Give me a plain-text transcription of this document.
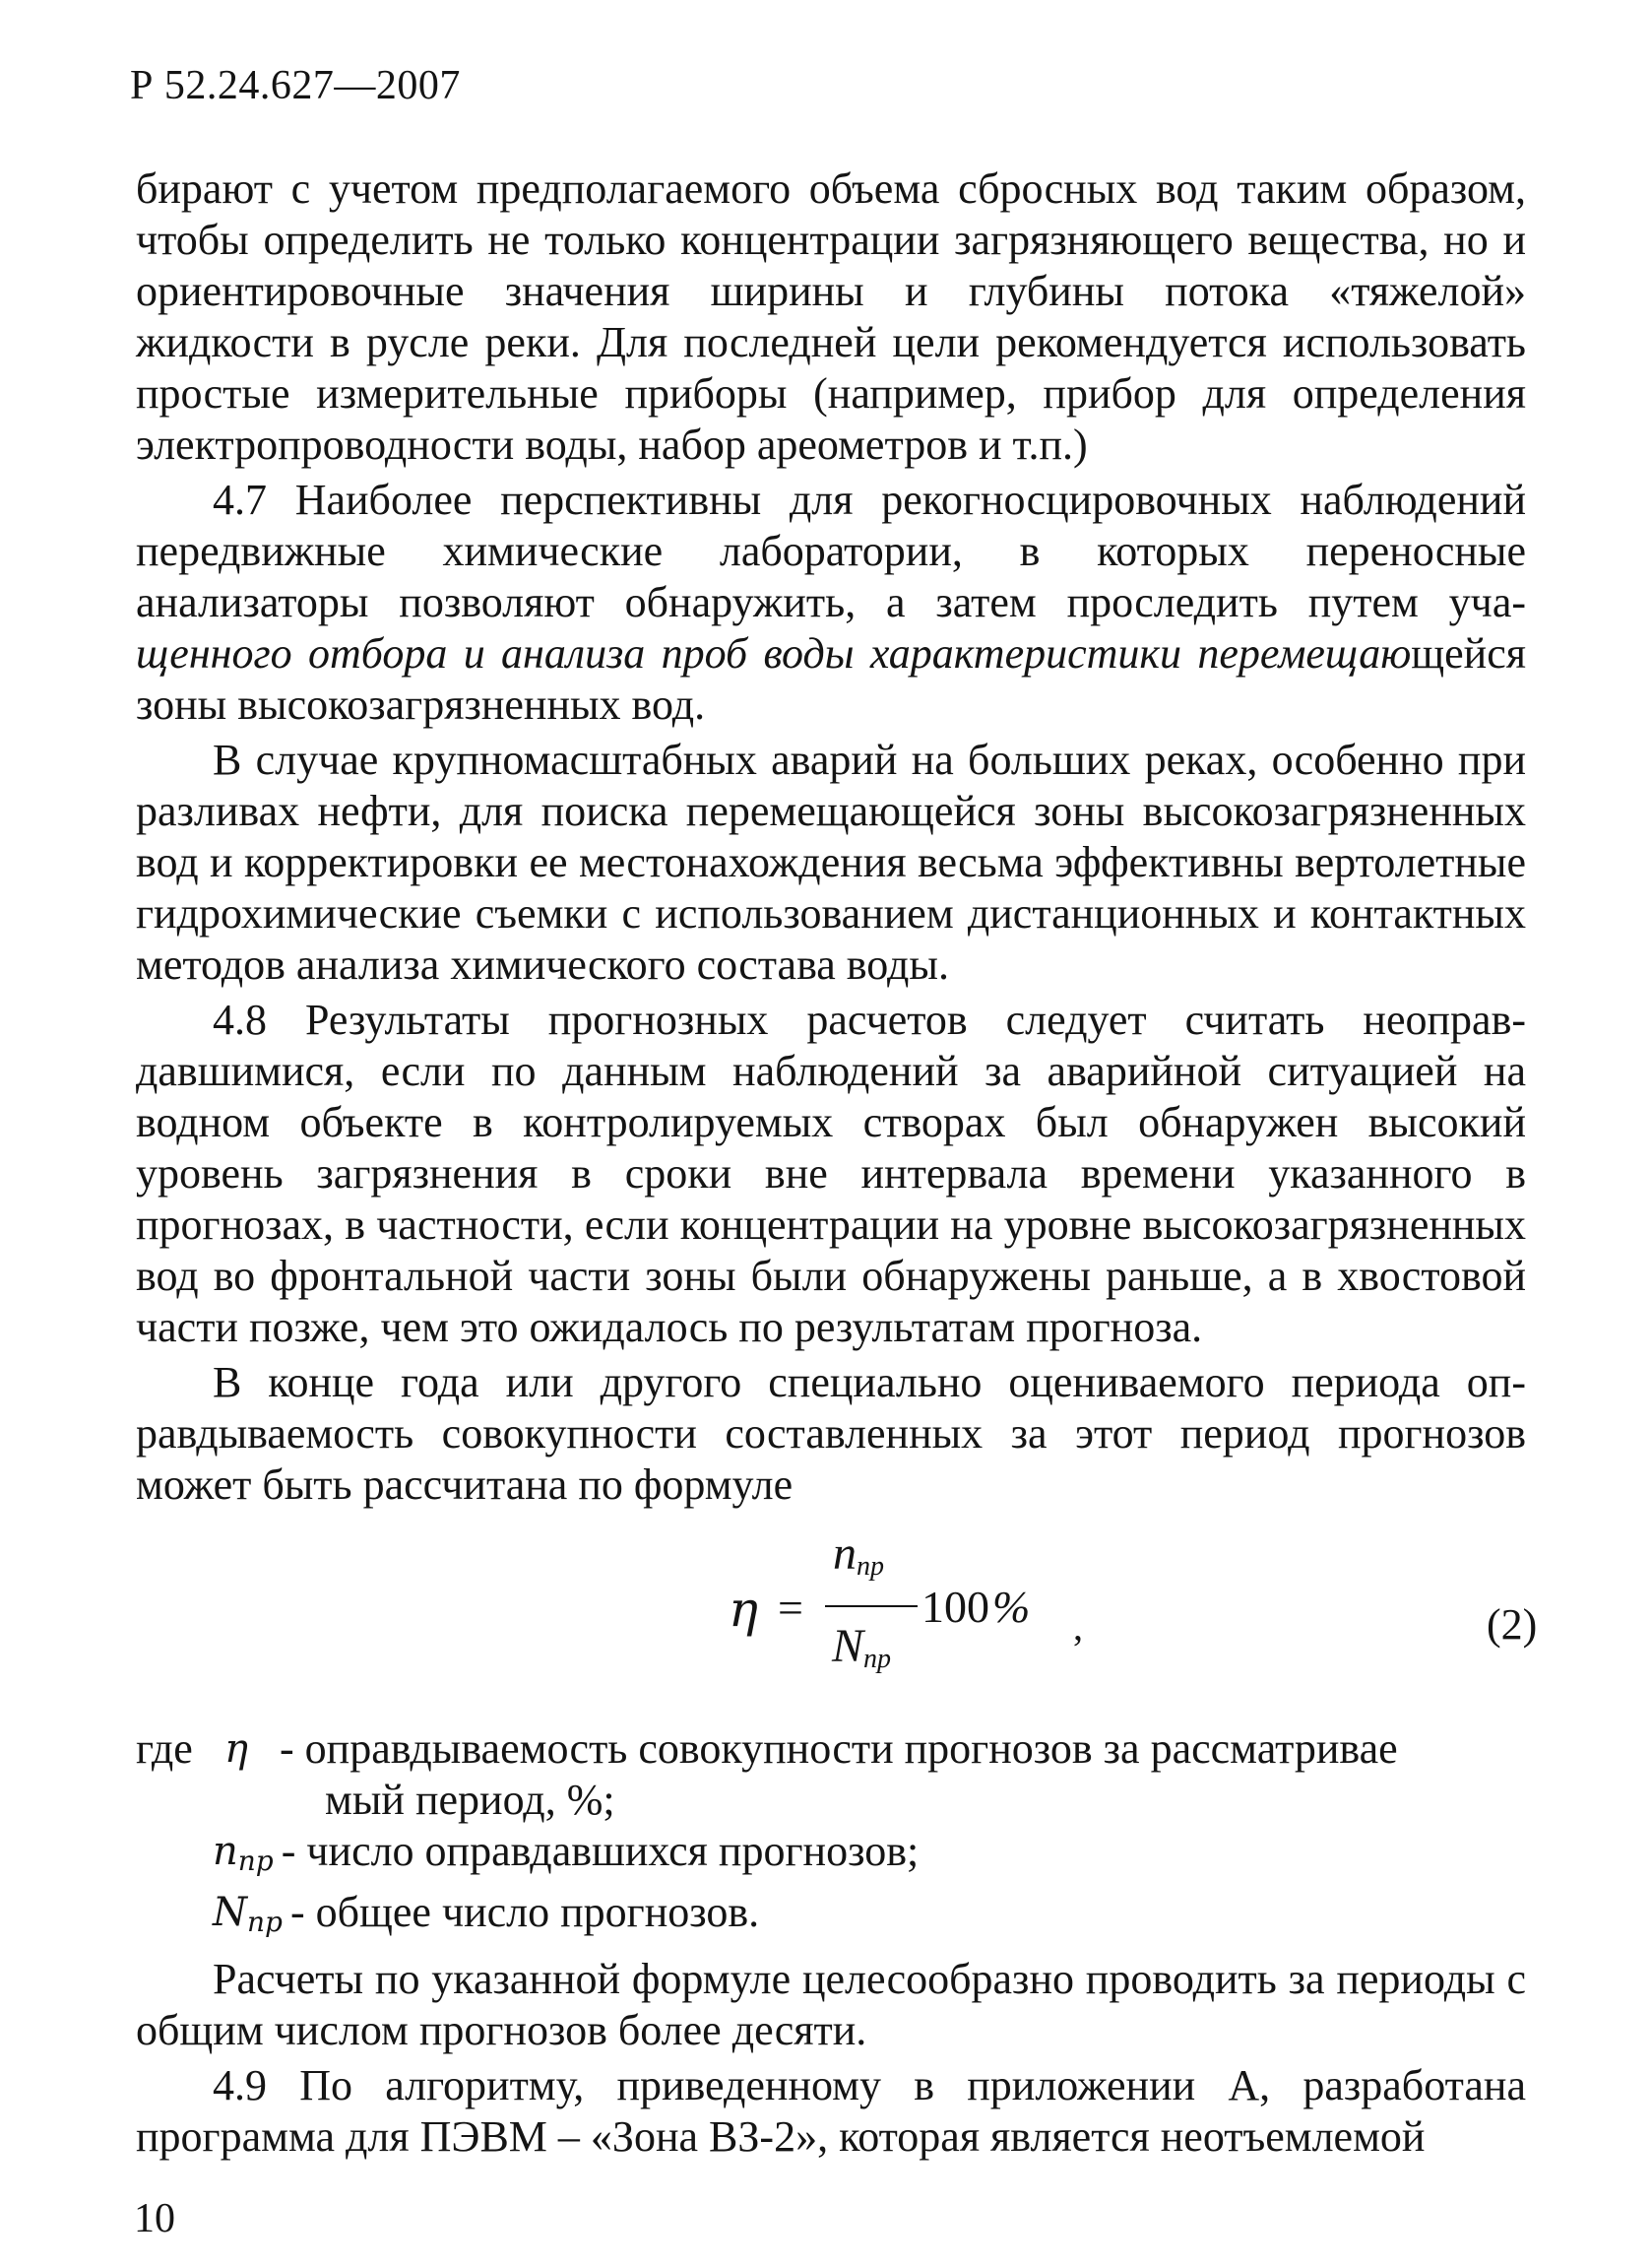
Р 52.24.627—2007

бирают с учетом предполагаемого объема сбросных вод таким образом, чтобы определить не только концентрации загрязняющего вещества, но и ориентировочные значения ширины и глубины потока «тяжелой» жидкости в русле реки. Для последней цели рекомендуется использовать простые измерительные приборы (например, прибор для определения электропроводности воды, набор ареометров и т.п.)

4.7 Наиболее перспективны для рекогносцировочных наблюдений передвижные химические лаборатории, в которых переносные анализаторы позволяют обнаружить, а затем проследить путем учащенного отбора и анализа проб воды характеристики перемещающейся зоны высокозагрязненных вод.

В случае крупномасштабных аварий на больших реках, особенно при разливах нефти, для поиска перемещающейся зоны высокозагрязненных вод и корректировки ее местонахождения весьма эффективны вертолетные гидрохимические съемки с использованием дистанционных и контактных методов анализа химического состава воды.

4.8 Результаты прогнозных расчетов следует считать неоправдавшимися, если по данным наблюдений за аварийной ситуацией на водном объекте в контролируемых створах был обнаружен высокий уровень загрязнения в сроки вне интервала времени указанного в прогнозах, в частности, если концентрации на уровне высокозагрязненных вод во фронтальной части зоны были обнаружены раньше, а в хвостовой части позже, чем это ожидалось по результатам прогноза.

В конце года или другого специально оцениваемого периода оправдываемость совокупности составленных за этот период прогнозов может быть рассчитана по формуле

η =
$n_{пр}$
$N_{пр}$
100 % ,	(2)
где η - оправдываемость совокупности прогнозов за рассматривае
мый период, %;
$n_{пр}$ - число оправдавшихся прогнозов;
$N_{пр}$ - общее число прогнозов.

Расчеты по указанной формуле целесообразно проводить за периоды с общим числом прогнозов более десяти.

4.9 По алгоритму, приведенному в приложении А, разработана программа для ПЭВМ – «Зона ВЗ-2», которая является неотъемлемой

10
